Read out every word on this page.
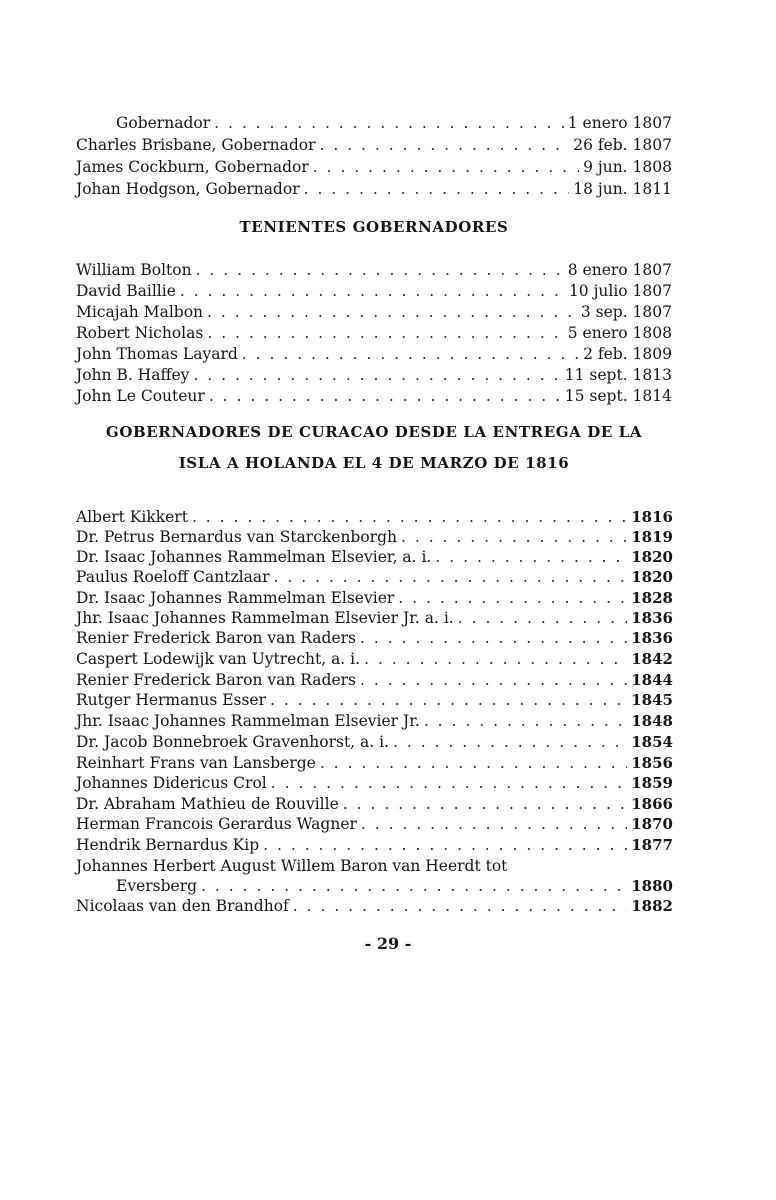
Gobernador . . .	1 enero 1807
Charles Brisbane, Gobernador . . .	26 feb. 1807
James Cockburn, Gobernador . . .	9 jun. 1808
Johan Hodgson, Gobernador . . .	18 jun. 1811
TENIENTES GOBERNADORES
William Bolton . . .	8 enero 1807
David Baillie . . .	10 julio 1807
Micajah Malbon . . .	3 sep. 1807
Robert Nicholas . . .	5 enero 1808
John Thomas Layard . . .	2 feb. 1809
John B. Haffey . . .	11 sept. 1813
John Le Couteur . . .	15 sept. 1814
GOBERNADORES DE CURACAO DESDE LA ENTREGA DE LA
ISLA A HOLANDA EL 4 DE MARZO DE 1816
Albert Kikkert . . .	1816
Dr. Petrus Bernardus van Starckenborgh . . .	1819
Dr. Isaac Johannes Rammelman Elsevier, a. i. . . .	1820
Paulus Roeloff Cantzlaar . . .	1820
Dr. Isaac Johannes Rammelman Elsevier . . .	1828
Jhr. Isaac Johannes Rammelman Elsevier Jr. a. i. . . .	1836
Renier Frederick Baron van Raders . . .	1836
Caspert Lodewijk van Uytrecht, a. i. . . .	1842
Renier Frederick Baron van Raders . . .	1844
Rutger Hermanus Esser . . .	1845
Jhr. Isaac Johannes Rammelman Elsevier Jr. . . .	1848
Dr. Jacob Bonnebroek Gravenhorst, a. i. . . .	1854
Reinhart Frans van Lansberge . . .	1856
Johannes Didericus Crol . . .	1859
Dr. Abraham Mathieu de Rouville . . .	1866
Herman Francois Gerardus Wagner . . .	1870
Hendrik Bernardus Kip . . .	1877
Johannes Herbert August Willem Baron van Heerdt tot
Eversberg . . .	1880
Nicolaas van den Brandhof . . .	1882
- 29 -
